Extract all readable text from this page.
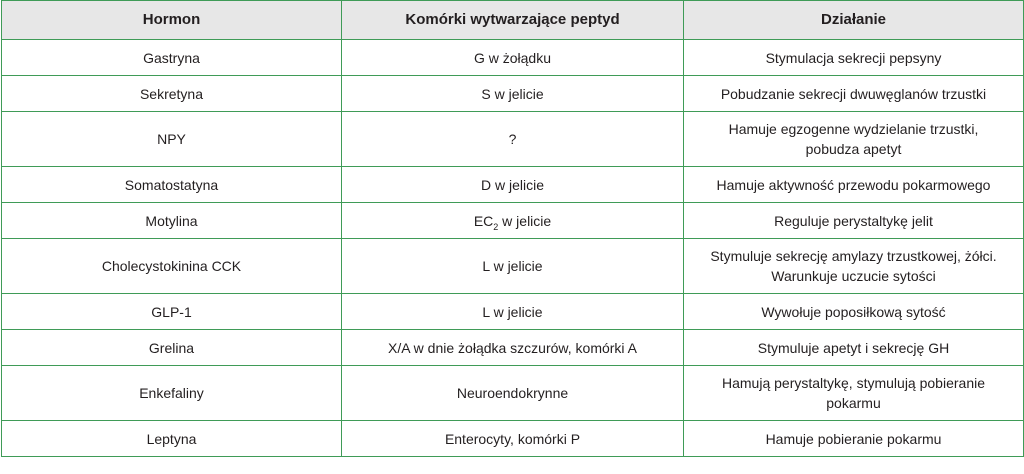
Hormon	Komórki wytwarzające peptyd	Działanie
Gastryna	G w żołądku	Stymulacja sekrecji pepsyny
Sekretyna	S w jelicie	Pobudzanie sekrecji dwuwęglanów trzustki
NPY	?	Hamuje egzogenne wydzielanie trzustki, pobudza apetyt
Somatostatyna	D w jelicie	Hamuje aktywność przewodu pokarmowego
Motylina	$EC_2$ w jelicie	Reguluje perystaltykę jelit
Cholecystokinina CCK	L w jelicie	Stymuluje sekrecję amylazy trzustkowej, żółci. Warunkuje uczucie sytości
GLP-1	L w jelicie	Wywołuje poposiłkową sytość
Grelina	X/A w dnie żołądka szczurów, komórki A	Stymuluje apetyt i sekrecję GH
Enkefaliny	Neuroendokrynne	Hamują perystaltykę, stymulują pobieranie pokarmu
Leptyna	Enterocyty, komórki P	Hamuje pobieranie pokarmu
